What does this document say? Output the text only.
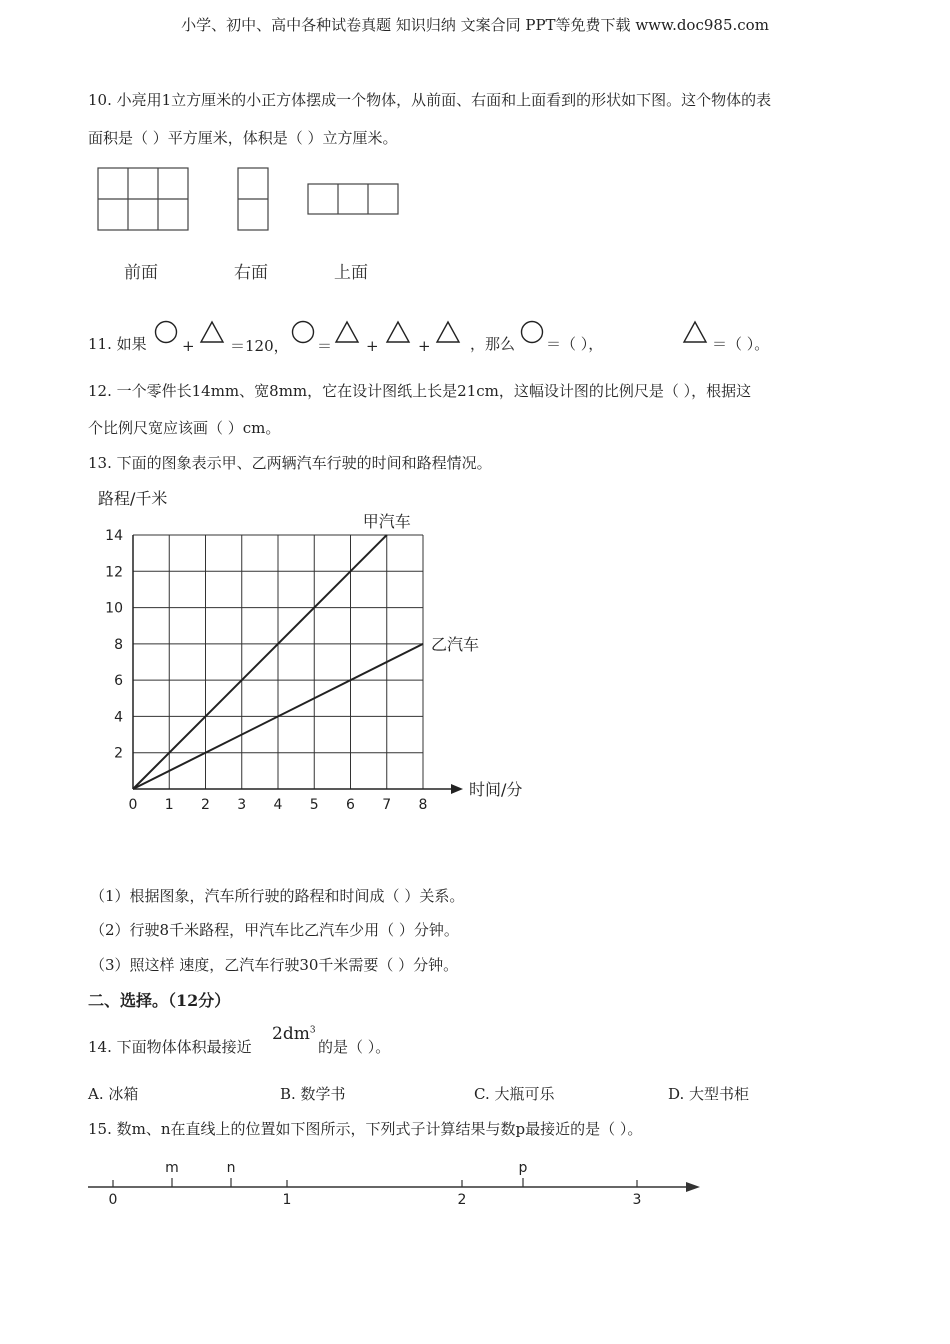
小学、初中、高中各种试卷真题 知识归纳 文案合同 PPT等免费下载 www.doc985.com
10. 小亮用1立方厘米的小正方体摆成一个物体，从前面、右面和上面看到的形状如下图。这个物体的表
面积是（ ）平方厘米，体积是（ ）立方厘米。
前面	右面	上面
11. 如果 + ＝120， ＝ +	+	，那么 ＝（ ），	＝（ ）。
12. 一个零件长14mm、宽8mm，它在设计图纸上长是21cm，这幅设计图的比例尺是（ ），根据这
个比例尺宽应该画（ ）cm。
13. 下面的图象表示甲、乙两辆汽车行驶的时间和路程情况。
0 1 2 3 4 5 6 7 8
2
4
6
8
10
12
14
路程/千米
时间/分
甲汽车
乙汽车
（1）根据图象，汽车所行驶的路程和时间成（ ）关系。
（2）行驶8千米路程，甲汽车比乙汽车少用（ ）分钟。
（3）照这样 速度，乙汽车行驶30千米需要（ ）分钟。
二、选择。（12分）
14. 下面物体体积最接近
$2dm^3$
的是（ ）。
A. 冰箱	B. 数学书	C. 大瓶可乐	D. 大型书柜
15. 数m、n在直线上的位置如下图所示，下列式子计算结果与数p最接近的是（ ）。
m	n	p
0	1	2	3
